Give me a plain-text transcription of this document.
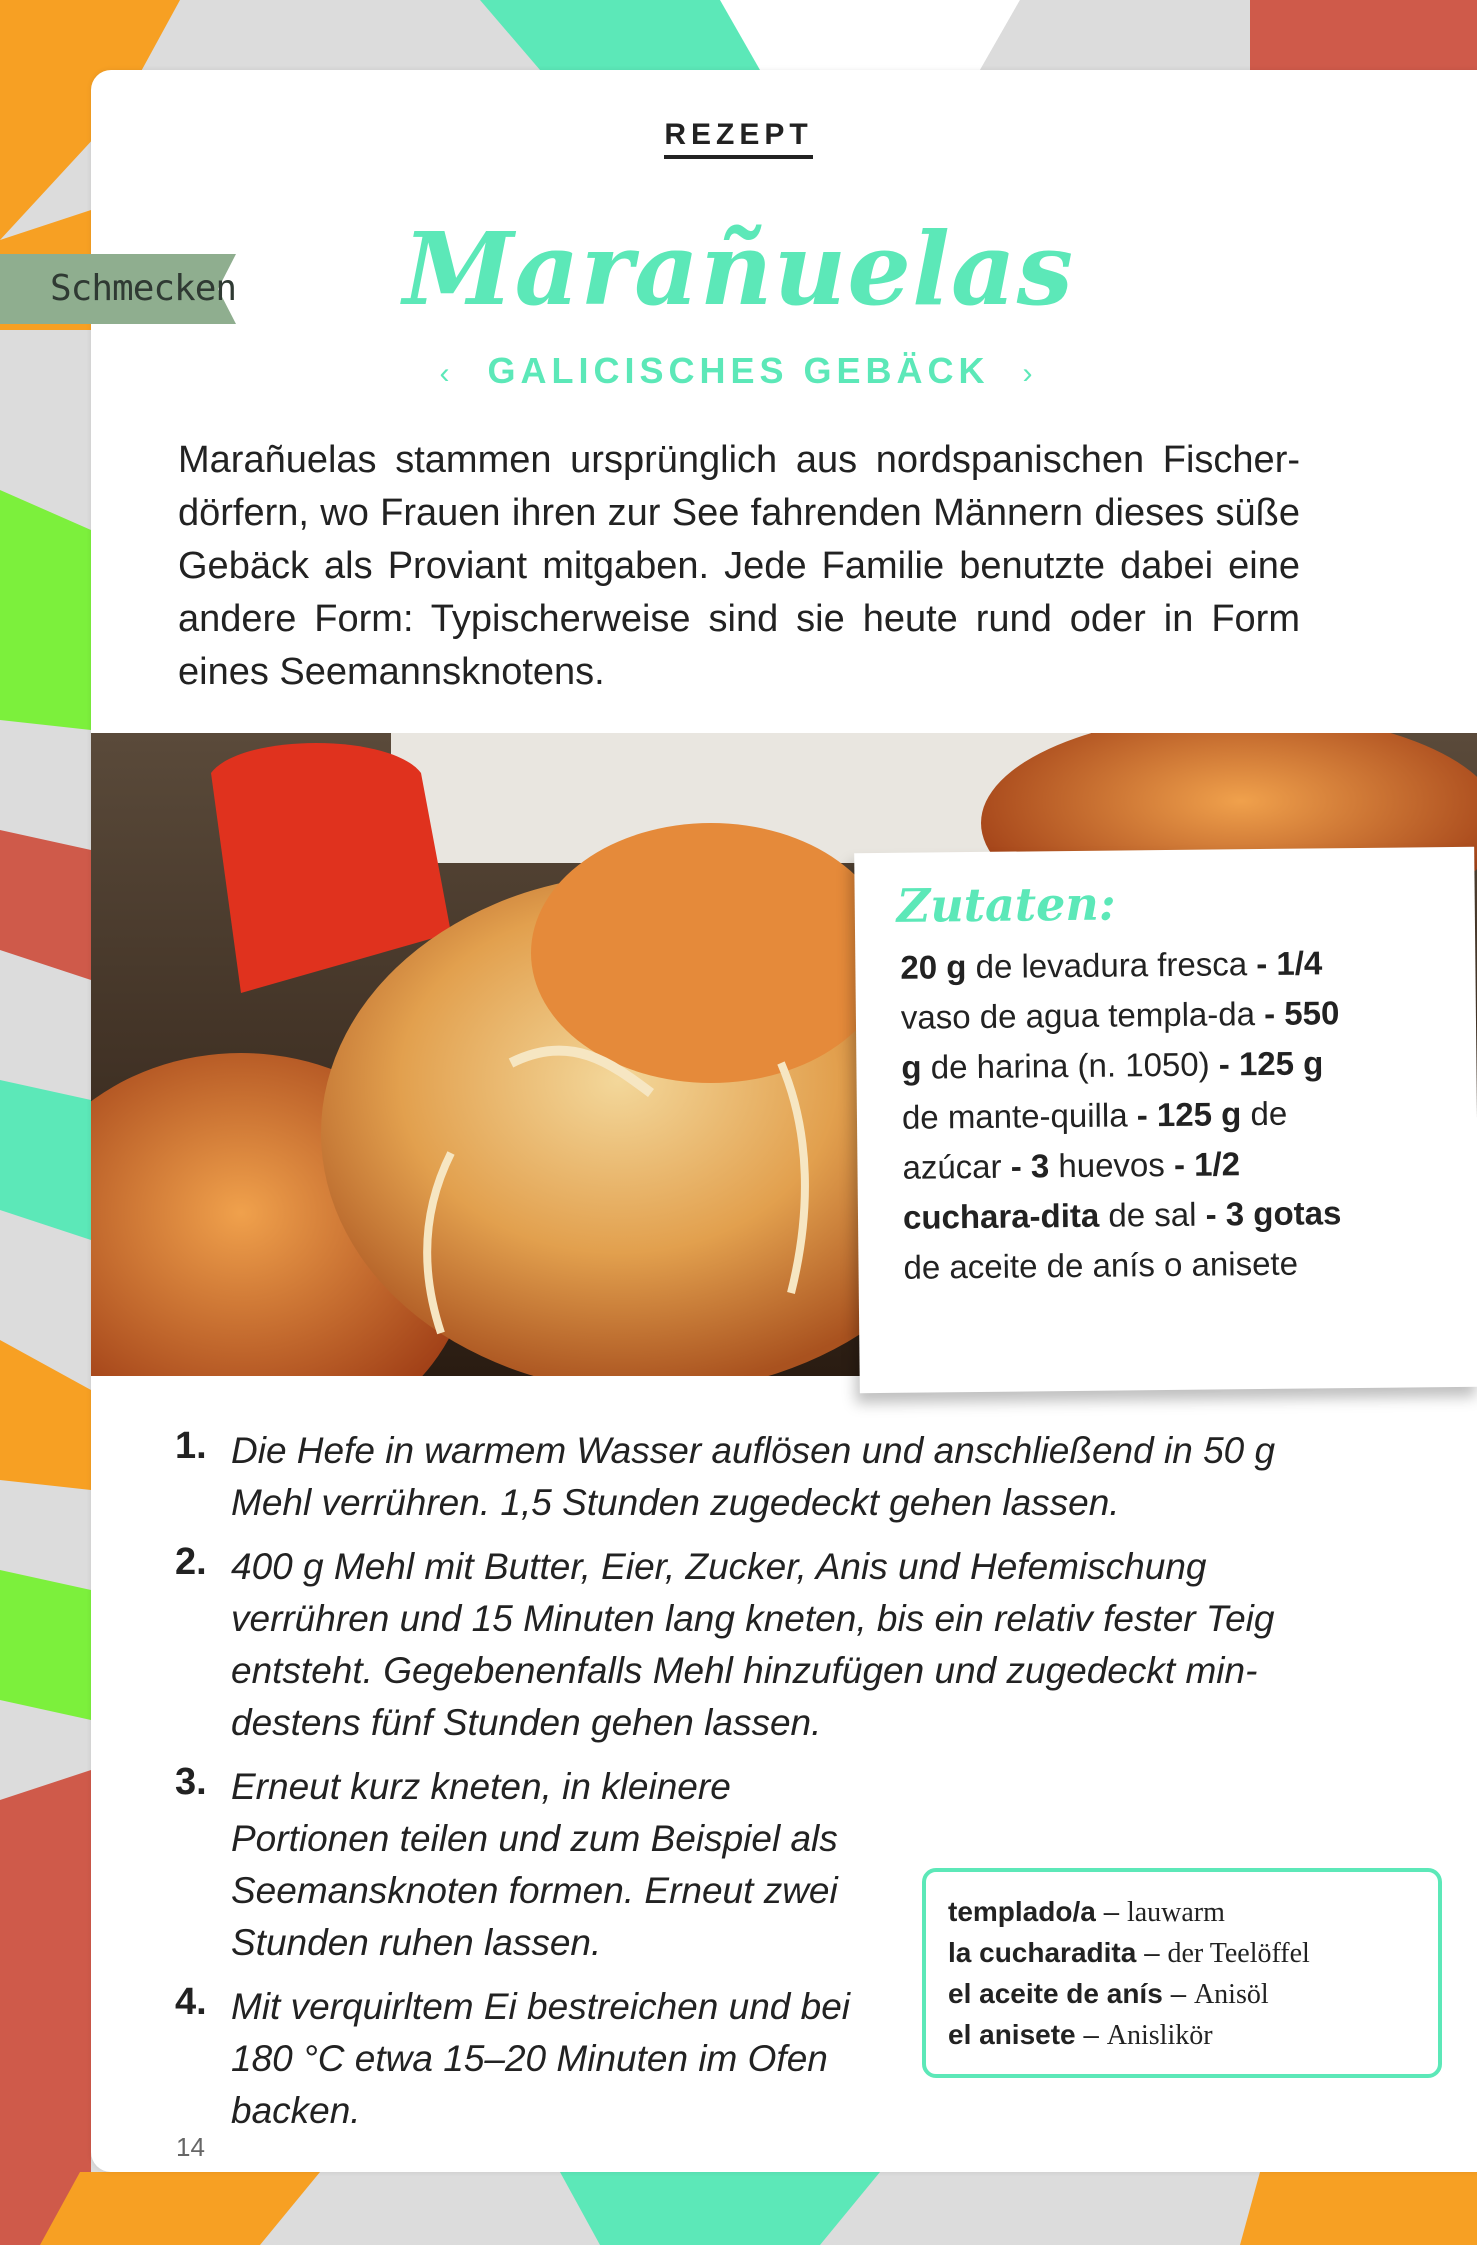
Schmecken
REZEPT
Marañuelas
‹ GALICISCHES GEBÄCK ›
Marañuelas stammen ursprünglich aus nordspanischen Fischer-dörfern, wo Frauen ihren zur See fahrenden Männern dieses süße Gebäck als Proviant mitgaben. Jede Familie benutzte dabei eine andere Form: Typischerweise sind sie heute rund oder in Form eines Seemannsknotens.
Zutaten:
20 g de levadura fresca - 1/4 vaso de agua templa-da - 550 g de harina (n. 1050) - 125 g de mante-quilla - 125 g de azúcar - 3 huevos - 1/2 cuchara-dita de sal - 3 gotas de aceite de anís o anisete
1. Die Hefe in warmem Wasser auflösen und anschließend in 50 g Mehl verrühren. 1,5 Stunden zugedeckt gehen lassen.
2. 400 g Mehl mit Butter, Eier, Zucker, Anis und Hefemischung verrühren und 15 Minuten lang kneten, bis ein relativ fester Teig entsteht. Gegebenenfalls Mehl hinzufügen und zugedeckt min-destens fünf Stunden gehen lassen.
3. Erneut kurz kneten, in kleinere Portionen teilen und zum Beispiel als Seemansknoten formen. Erneut zwei Stunden ruhen lassen.
4. Mit verquirltem Ei bestreichen und bei 180 °C etwa 15–20 Minuten im Ofen backen.
templado/a – lauwarm
la cucharadita – der Teelöffel
el aceite de anís – Anisöl
el anisete – Anislikör
14
